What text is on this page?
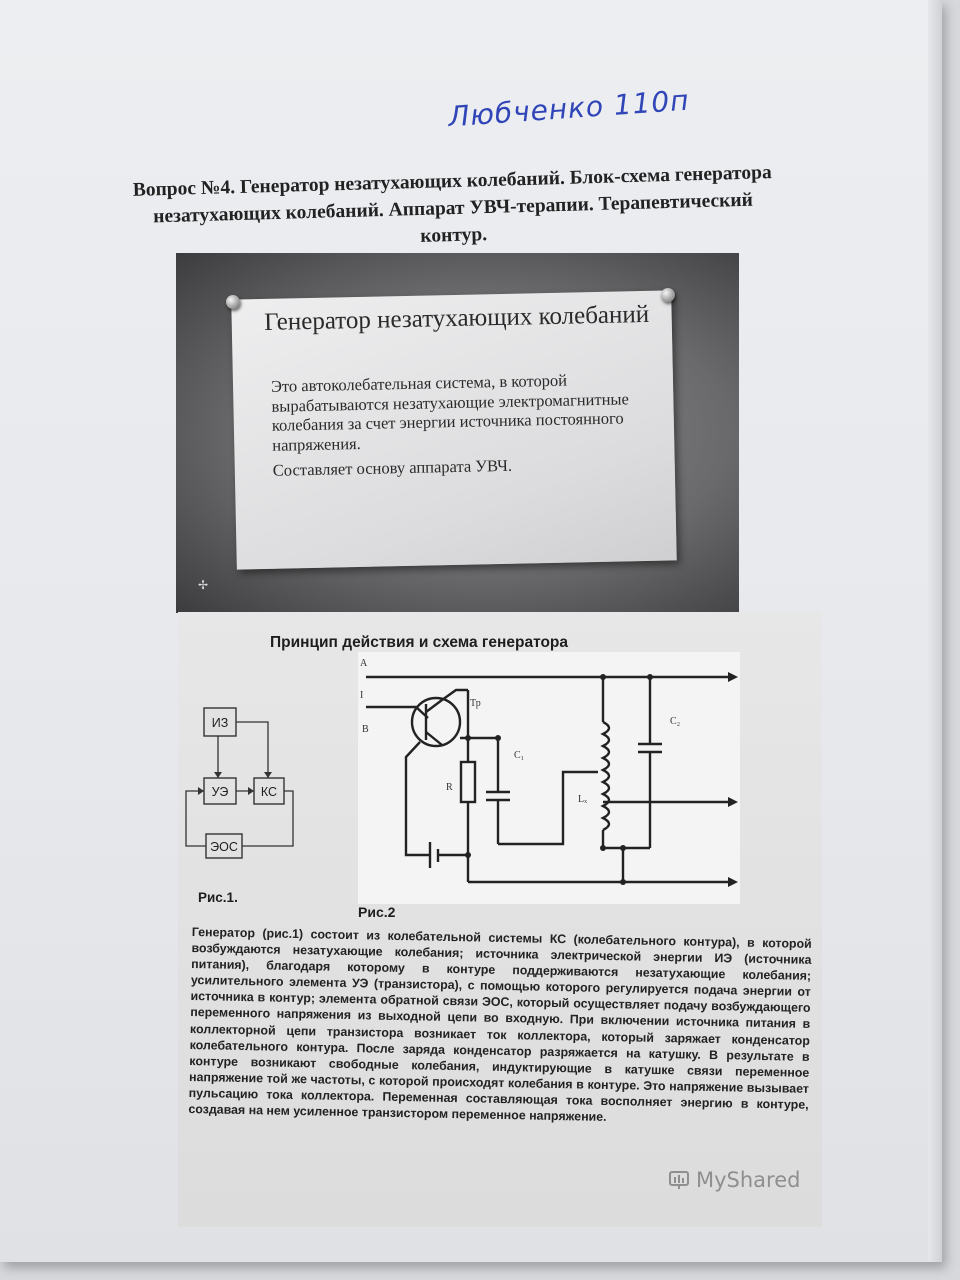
Любченко 110п
Вопрос №4. Генератор незатухающих колебаний. Блок-схема генератора незатухающих колебаний. Аппарат УВЧ-терапии. Терапевтический контур.
Генератор незатухающих колебаний

Это автоколебательная система, в которой вырабатываются незатухающие электромагнитные колебания за счет энергии источника постоянного напряжения.

Составляет основу аппарата УВЧ.

✢
Принцип действия и схема генератора
ИЗ
УЭ	КС
ЭОС
Рис.1.
A
I
B
Тр
R
C₁
C₂
Lₓ
Рис.2
Генератор (рис.1) состоит из колебательной системы КС (колебательного контура), в которой возбуждаются незатухающие колебания; источника электрической энергии ИЭ (источника питания), благодаря которому в контуре поддерживаются незатухающие колебания; усилительного элемента УЭ (транзистора), с помощью которого регулируется подача энергии от источника в контур; элемента обратной связи ЭОС, который осуществляет подачу возбуждающего переменного напряжения из выходной цепи во входную. При включении источника питания в коллекторной цепи транзистора возникает ток коллектора, который заряжает конденсатор колебательного контура. После заряда конденсатор разряжается на катушку. В результате в контуре возникают свободные колебания, индуктирующие в катушке связи переменное напряжение той же частоты, с которой происходят колебания в контуре. Это напряжение вызывает пульсацию тока коллектора. Переменная составляющая тока восполняет энергию в контуре, создавая на нем усиленное транзистором переменное напряжение.
MyShared
